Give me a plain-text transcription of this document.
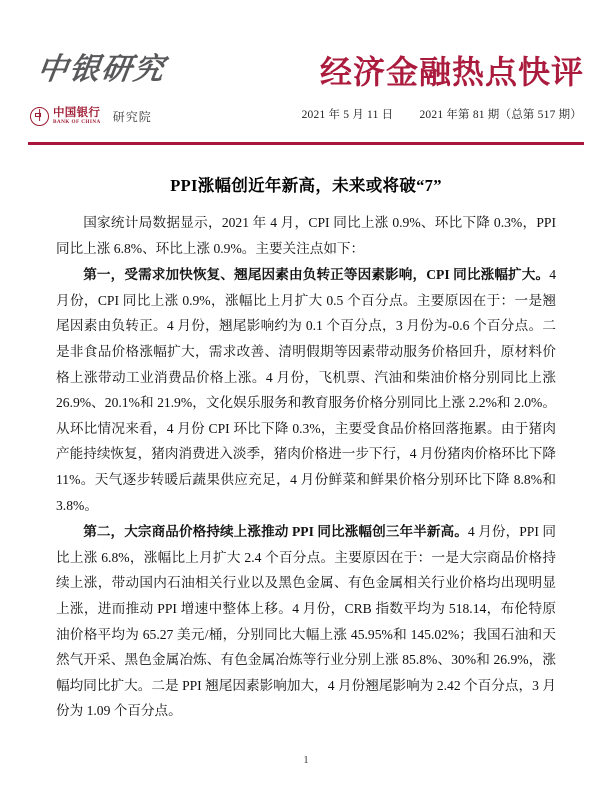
中银研究
中国银行
BANK OF CHINA 研究院
经济金融热点快评
2021 年 5 月 11 日 2021 年第 81 期（总第 517 期）
PPI涨幅创近年新高，未来或将破“7”

国家统计局数据显示，2021 年 4 月，CPI 同比上涨 0.9%、环比下降 0.3%，PPI 同比上涨 6.8%、环比上涨 0.9%。主要关注点如下：

第一，受需求加快恢复、翘尾因素由负转正等因素影响，CPI 同比涨幅扩大。4 月份，CPI 同比上涨 0.9%，涨幅比上月扩大 0.5 个百分点。主要原因在于：一是翘尾因素由负转正。4 月份，翘尾影响约为 0.1 个百分点，3 月份为-0.6 个百分点。二是非食品价格涨幅扩大，需求改善、清明假期等因素带动服务价格回升，原材料价格上涨带动工业消费品价格上涨。4 月份，飞机票、汽油和柴油价格分别同比上涨 26.9%、20.1%和 21.9%，文化娱乐服务和教育服务价格分别同比上涨 2.2%和 2.0%。从环比情况来看，4 月份 CPI 环比下降 0.3%，主要受食品价格回落拖累。由于猪肉产能持续恢复，猪肉消费进入淡季，猪肉价格进一步下行，4 月份猪肉价格环比下降 11%。天气逐步转暖后蔬果供应充足，4 月份鲜菜和鲜果价格分别环比下降 8.8%和 3.8%。

第二，大宗商品价格持续上涨推动 PPI 同比涨幅创三年半新高。4 月份，PPI 同比上涨 6.8%，涨幅比上月扩大 2.4 个百分点。主要原因在于：一是大宗商品价格持续上涨，带动国内石油相关行业以及黑色金属、有色金属相关行业价格均出现明显上涨，进而推动 PPI 增速中整体上移。4 月份，CRB 指数平均为 518.14，布伦特原油价格平均为 65.27 美元/桶，分别同比大幅上涨 45.95%和 145.02%；我国石油和天然气开采、黑色金属冶炼、有色金属冶炼等行业分别上涨 85.8%、30%和 26.9%，涨幅均同比扩大。二是 PPI 翘尾因素影响加大，4 月份翘尾影响为 2.42 个百分点，3 月份为 1.09 个百分点。

1
